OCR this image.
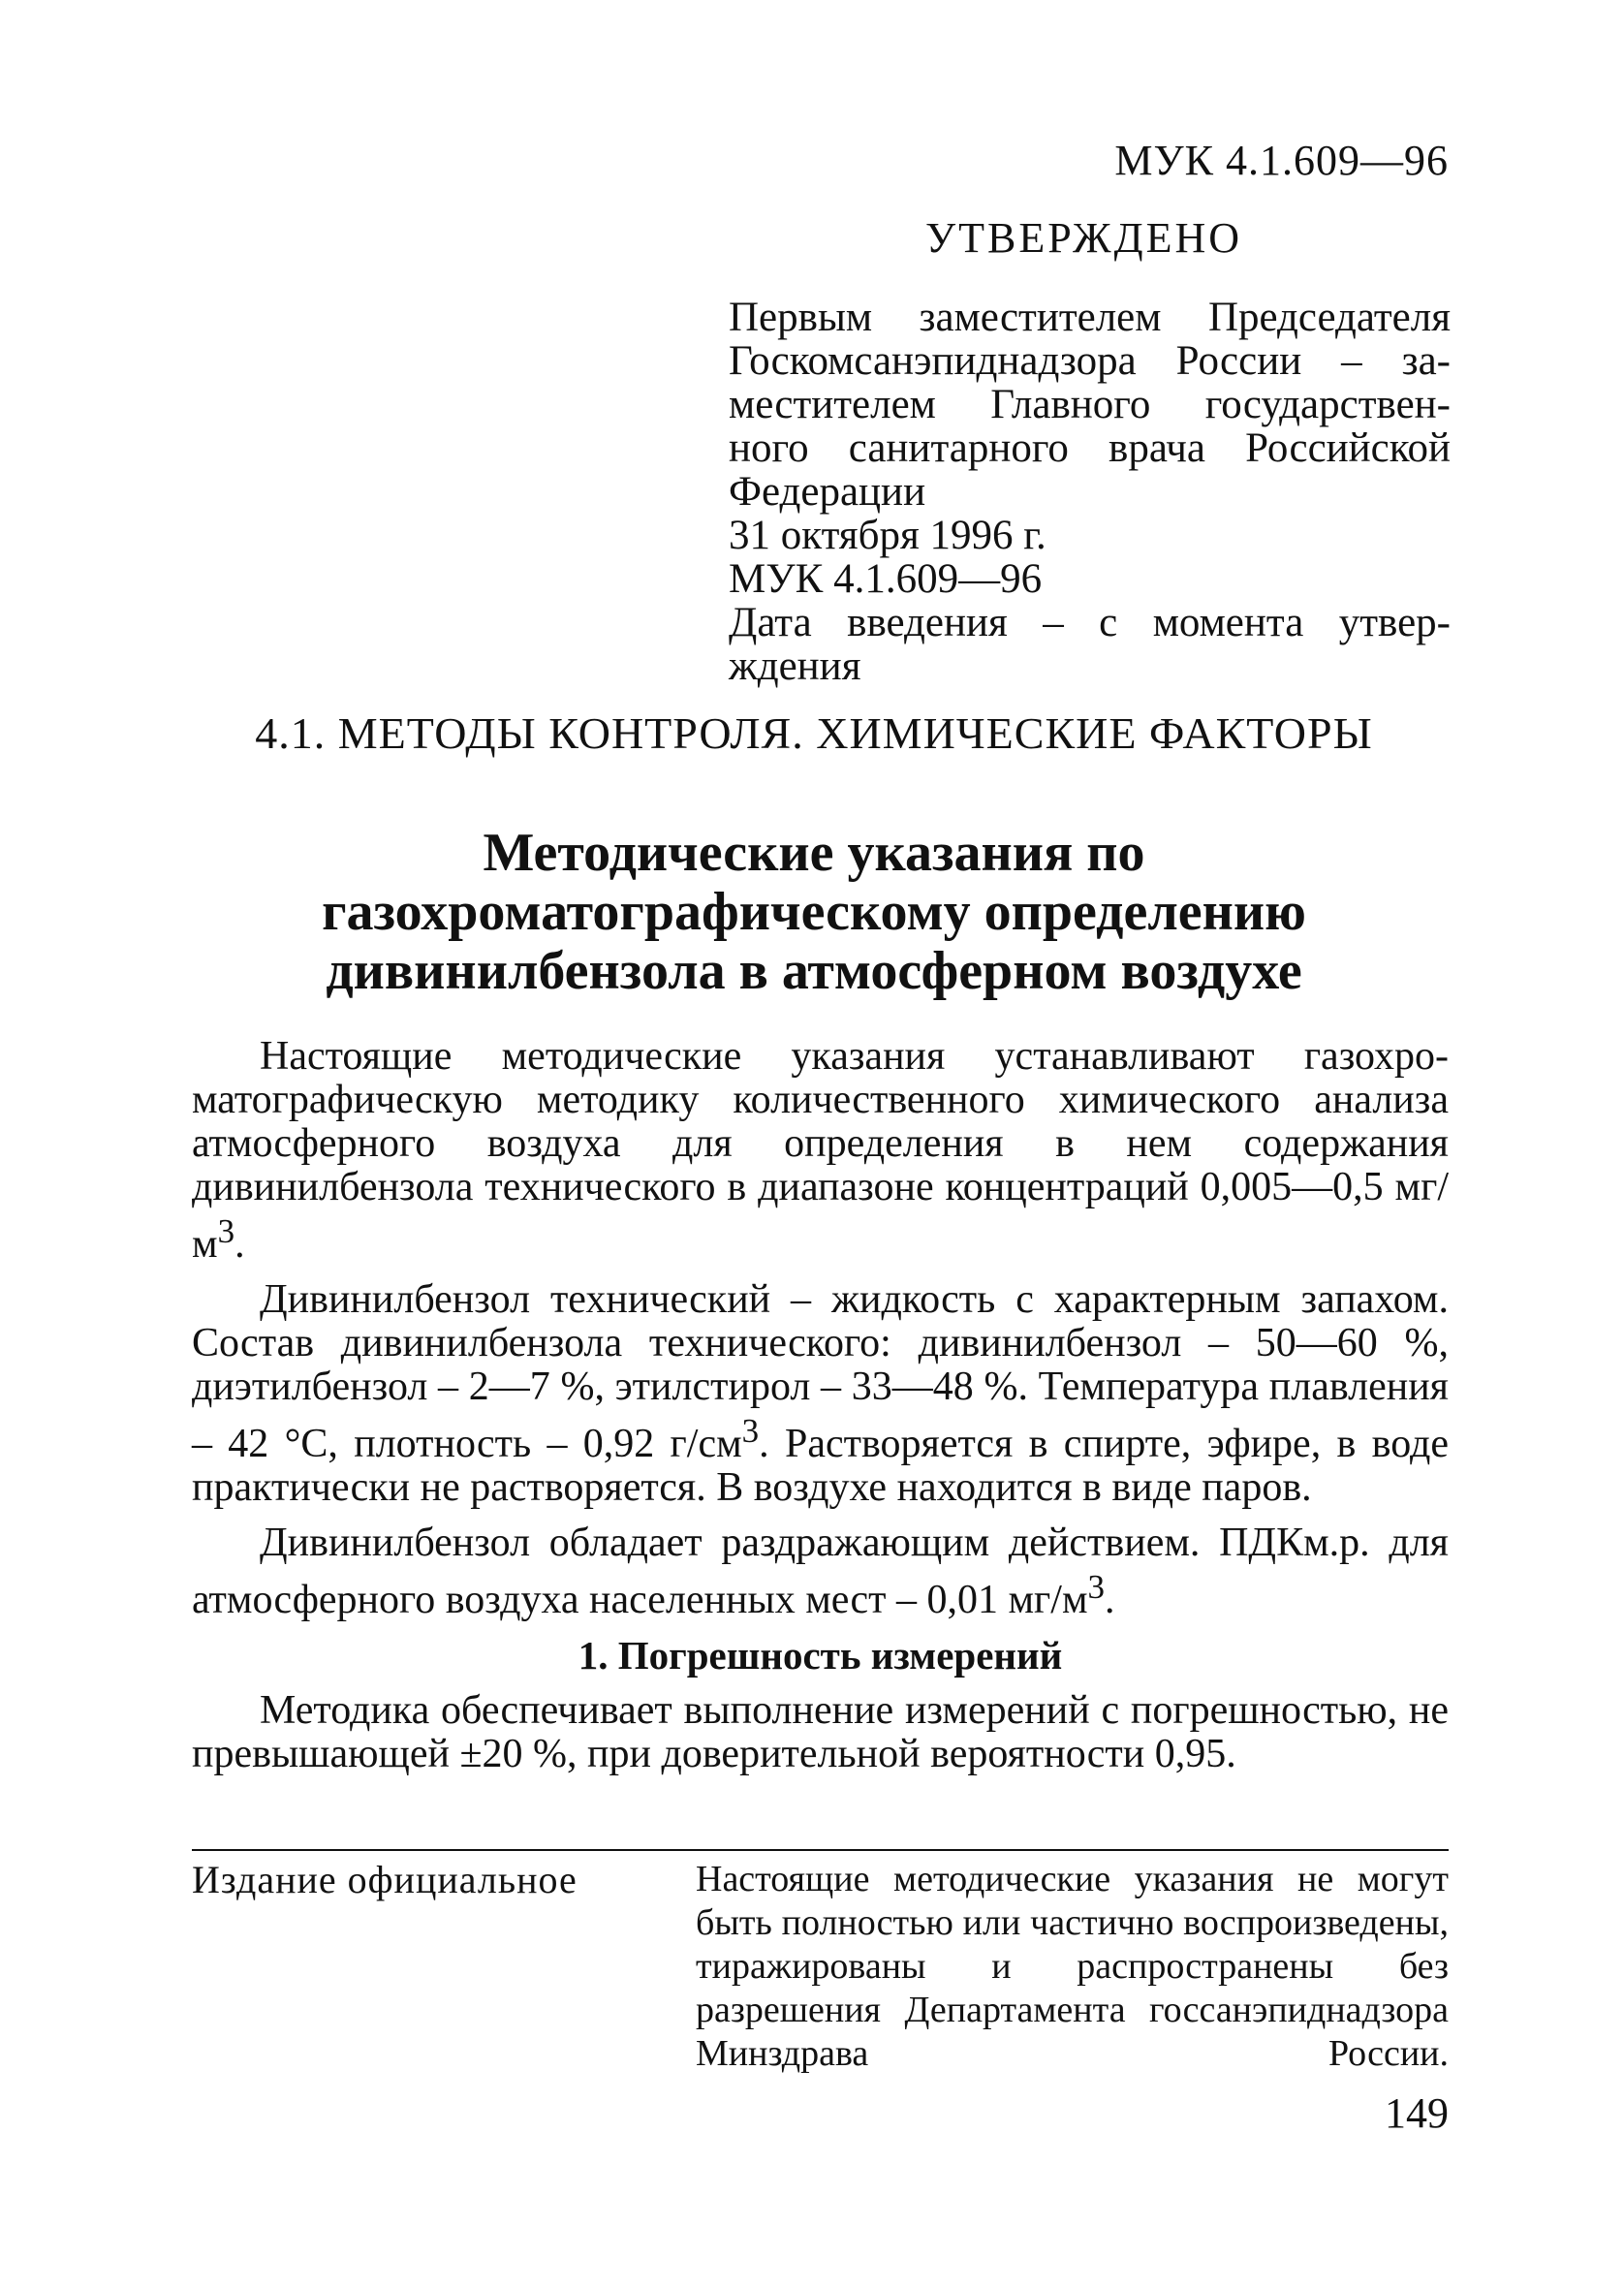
МУК 4.1.609—96
УТВЕРЖДЕНО

Первым заместителем Председателя

Госкомсанэпиднадзора России – за-

местителем Главного государствен-

ного санитарного врача Российской

Федерации

31 октября 1996 г.

МУК 4.1.609—96

Дата введения – с момента утвер-

ждения

4.1. МЕТОДЫ КОНТРОЛЯ. ХИМИЧЕСКИЕ ФАКТОРЫ
Методические указания по
газохроматографическому определению
дивинилбензола в атмосферном воздухе

Настоящие методические указания устанавливают газохроматографическую методику количественного химического анализа атмосферного воздуха для определения в нем содержания дивинилбензола технического в диапазоне концентраций 0,005—0,5 $мг/м^3$.

Дивинилбензол технический – жидкость с характерным запахом. Состав дивинилбензола технического: дивинилбензол – 50—60 %, диэтилбензол – 2—7 %, этилстирол – 33—48 %. Температура плавления – 42 °С, плотность – 0,92 $г/см^3$. Растворяется в спирте, эфире, в воде практически не растворяется. В воздухе находится в виде паров.

Дивинилбензол обладает раздражающим действием. ПДКм.р. для атмосферного воздуха населенных мест – 0,01 $мг/м^3$.

1. Погрешность измерений

Методика обеспечивает выполнение измерений с погрешностью, не превышающей ±20 %, при доверительной вероятности 0,95.

Издание официальное	Настоящие методические указания не могут быть полностью или частично воспроизведены, тиражированы и распространены без разрешения Департамента госсанэпиднадзора Минздрава России.
149
